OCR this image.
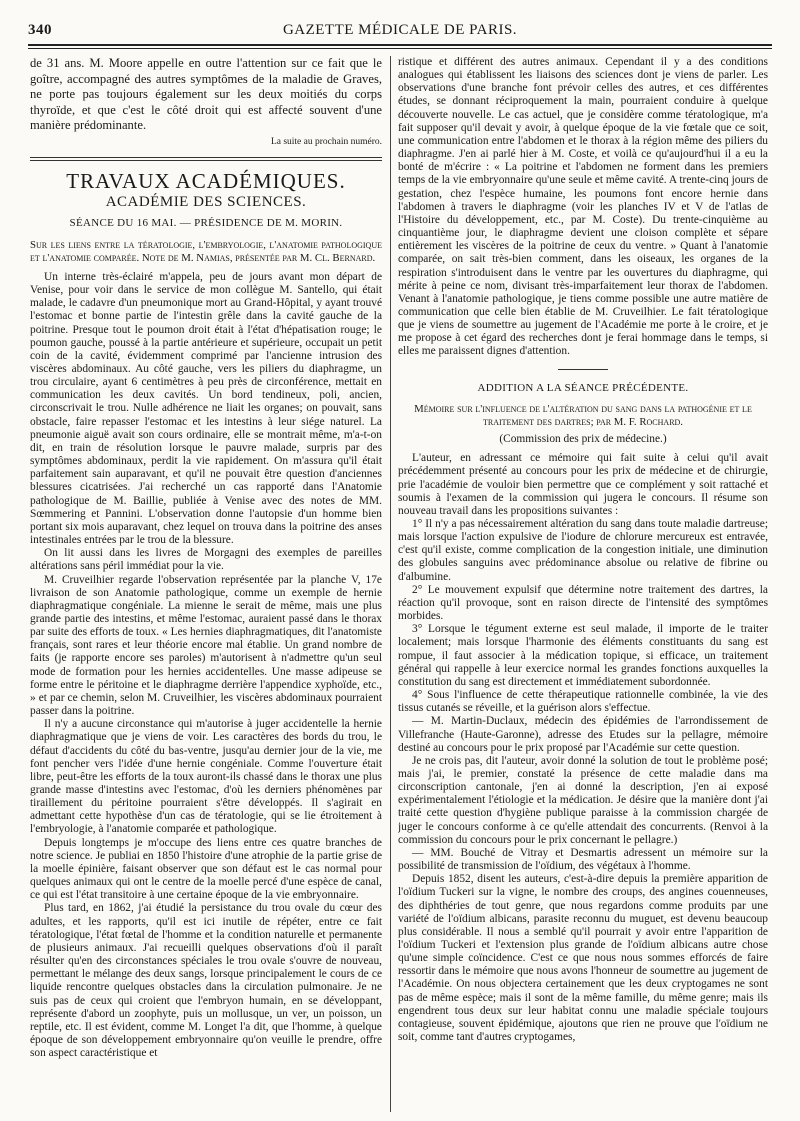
340	GAZETTE MÉDICALE DE PARIS.

de 31 ans. M. Moore appelle en outre l'attention sur ce fait que le goître, accompagné des autres symptômes de la maladie de Graves, ne porte pas toujours également sur les deux moitiés du corps thyroïde, et que c'est le côté droit qui est affecté souvent d'une manière prédominante.

La suite au prochain numéro.

TRAVAUX ACADÉMIQUES.
ACADÉMIE DES SCIENCES.
SÉANCE DU 16 MAI. — PRÉSIDENCE DE M. MORIN.

Sur les liens entre la tératologie, l'embryologie, l'anatomie pathologique et l'anatomie comparée. Note de M. Namias, présentée par M. Cl. Bernard.

Un interne très-éclairé m'appela, peu de jours avant mon départ de Venise, pour voir dans le service de mon collègue M. Santello, qui était malade, le cadavre d'un pneumonique mort au Grand-Hôpital, y ayant trouvé l'estomac et bonne partie de l'intestin grêle dans la cavité gauche de la poitrine. Presque tout le poumon droit était à l'état d'hépatisation rouge; le poumon gauche, poussé à la partie antérieure et supérieure, occupait un petit coin de la cavité, évidemment comprimé par l'ancienne intrusion des viscères abdominaux. Au côté gauche, vers les piliers du diaphragme, un trou circulaire, ayant 6 centimètres à peu près de circonférence, mettait en communication les deux cavités. Un bord tendineux, poli, ancien, circonscrivait le trou. Nulle adhérence ne liait les organes; on pouvait, sans obstacle, faire repasser l'estomac et les intestins à leur siége naturel. La pneumonie aiguë avait son cours ordinaire, elle se montrait même, m'a-t-on dit, en train de résolution lorsque le pauvre malade, surpris par des symptômes abdominaux, perdit la vie rapidement. On m'assura qu'il était parfaitement sain auparavant, et qu'il ne pouvait être question d'anciennes blessures cicatrisées. J'ai recherché un cas rapporté dans l'Anatomie pathologique de M. Baillie, publiée à Venise avec des notes de MM. Sœmmering et Pannini. L'observation donne l'autopsie d'un homme bien portant six mois auparavant, chez lequel on trouva dans la poitrine des anses intestinales entrées par le trou de la blessure.

On lit aussi dans les livres de Morgagni des exemples de pareilles altérations sans péril immédiat pour la vie.

M. Cruveilhier regarde l'observation représentée par la planche V, 17e livraison de son Anatomie pathologique, comme un exemple de hernie diaphragmatique congéniale. La mienne le serait de même, mais une plus grande partie des intestins, et même l'estomac, auraient passé dans le thorax par suite des efforts de toux. « Les hernies diaphragmatiques, dit l'anatomiste français, sont rares et leur théorie encore mal établie. Un grand nombre de faits (je rapporte encore ses paroles) m'autorisent à n'admettre qu'un seul mode de formation pour les hernies accidentelles. Une masse adipeuse se forme entre le péritoine et le diaphragme derrière l'appendice xyphoïde, etc., » et par ce chemin, selon M. Cruveilhier, les viscères abdominaux pourraient passer dans la poitrine.

Il n'y a aucune circonstance qui m'autorise à juger accidentelle la hernie diaphragmatique que je viens de voir. Les caractères des bords du trou, le défaut d'accidents du côté du bas-ventre, jusqu'au dernier jour de la vie, me font pencher vers l'idée d'une hernie congéniale. Comme l'ouverture était libre, peut-être les efforts de la toux auront-ils chassé dans le thorax une plus grande masse d'intestins avec l'estomac, d'où les derniers phénomènes par tiraillement du péritoine pourraient s'être développés. Il s'agirait en admettant cette hypothèse d'un cas de tératologie, qui se lie étroitement à l'embryologie, à l'anatomie comparée et pathologique.

Depuis longtemps je m'occupe des liens entre ces quatre branches de notre science. Je publiai en 1850 l'histoire d'une atrophie de la partie grise de la moelle épinière, faisant observer que son défaut est le cas normal pour quelques animaux qui ont le centre de la moelle percé d'une espèce de canal, ce qui est l'état transitoire à une certaine époque de la vie embryonnaire.

Plus tard, en 1862, j'ai étudié la persistance du trou ovale du cœur des adultes, et les rapports, qu'il est ici inutile de répéter, entre ce fait tératologique, l'état fœtal de l'homme et la condition naturelle et permanente de plusieurs animaux. J'ai recueilli quelques observations d'où il paraît résulter qu'en des circonstances spéciales le trou ovale s'ouvre de nouveau, permettant le mélange des deux sangs, lorsque principalement le cours de ce liquide rencontre quelques obstacles dans la circulation pulmonaire. Je ne suis pas de ceux qui croient que l'embryon humain, en se développant, représente d'abord un zoophyte, puis un mollusque, un ver, un poisson, un reptile, etc. Il est évident, comme M. Longet l'a dit, que l'homme, à quelque époque de son développement embryonnaire qu'on veuille le prendre, offre son aspect caractéristique et

ristique et différent des autres animaux. Cependant il y a des conditions analogues qui établissent les liaisons des sciences dont je viens de parler. Les observations d'une branche font prévoir celles des autres, et ces différentes études, se donnant réciproquement la main, pourraient conduire à quelque découverte nouvelle. Le cas actuel, que je considère comme tératologique, m'a fait supposer qu'il devait y avoir, à quelque époque de la vie fœtale que ce soit, une communication entre l'abdomen et le thorax à la région même des piliers du diaphragme. J'en ai parlé hier à M. Coste, et voilà ce qu'aujourd'hui il a eu la bonté de m'écrire : « La poitrine et l'abdomen ne forment dans les premiers temps de la vie embryonnaire qu'une seule et même cavité. A trente-cinq jours de gestation, chez l'espèce humaine, les poumons font encore hernie dans l'abdomen à travers le diaphragme (voir les planches IV et V de l'atlas de l'Histoire du développement, etc., par M. Coste). Du trente-cinquième au cinquantième jour, le diaphragme devient une cloison complète et sépare entièrement les viscères de la poitrine de ceux du ventre. » Quant à l'anatomie comparée, on sait très-bien comment, dans les oiseaux, les organes de la respiration s'introduisent dans le ventre par les ouvertures du diaphragme, qui mérite à peine ce nom, divisant très-imparfaitement leur thorax de l'abdomen. Venant à l'anatomie pathologique, je tiens comme possible une autre matière de communication que celle bien établie de M. Cruveilhier. Le fait tératologique que je viens de soumettre au jugement de l'Académie me porte à le croire, et je me propose à cet égard des recherches dont je ferai hommage dans le temps, si elles me paraissent dignes d'attention.

ADDITION A LA SÉANCE PRÉCÉDENTE.

Mémoire sur l'influence de l'altération du sang dans la pathogénie et le traitement des dartres; par M. F. Rochard.

(Commission des prix de médecine.)

L'auteur, en adressant ce mémoire qui fait suite à celui qu'il avait précédemment présenté au concours pour les prix de médecine et de chirurgie, prie l'académie de vouloir bien permettre que ce complément y soit rattaché et soumis à l'examen de la commission qui jugera le concours. Il résume son nouveau travail dans les propositions suivantes :

1° Il n'y a pas nécessairement altération du sang dans toute maladie dartreuse; mais lorsque l'action expulsive de l'iodure de chlorure mercureux est entravée, c'est qu'il existe, comme complication de la congestion initiale, une diminution des globules sanguins avec prédominance absolue ou relative de fibrine ou d'albumine.

2° Le mouvement expulsif que détermine notre traitement des dartres, la réaction qu'il provoque, sont en raison directe de l'intensité des symptômes morbides.

3° Lorsque le tégument externe est seul malade, il importe de le traiter localement; mais lorsque l'harmonie des éléments constituants du sang est rompue, il faut associer à la médication topique, si efficace, un traitement général qui rappelle à leur exercice normal les grandes fonctions auxquelles la constitution du sang est directement et immédiatement subordonnée.

4° Sous l'influence de cette thérapeutique rationnelle combinée, la vie des tissus cutanés se réveille, et la guérison alors s'effectue.

— M. Martin-Duclaux, médecin des épidémies de l'arrondissement de Villefranche (Haute-Garonne), adresse des Etudes sur la pellagre, mémoire destiné au concours pour le prix proposé par l'Académie sur cette question.

Je ne crois pas, dit l'auteur, avoir donné la solution de tout le problème posé; mais j'ai, le premier, constaté la présence de cette maladie dans ma circonscription cantonale, j'en ai donné la description, j'en ai exposé expérimentalement l'étiologie et la médication. Je désire que la manière dont j'ai traité cette question d'hygiène publique paraisse à la commission chargée de juger le concours conforme à ce qu'elle attendait des concurrents. (Renvoi à la commission du concours pour le prix concernant le pellagre.)

— MM. Bouché de Vitray et Desmartis adressent un mémoire sur la possibilité de transmission de l'oïdium, des végétaux à l'homme.

Depuis 1852, disent les auteurs, c'est-à-dire depuis la première apparition de l'oïdium Tuckeri sur la vigne, le nombre des croups, des angines couenneuses, des diphthéries de tout genre, que nous regardons comme produits par une variété de l'oïdium albicans, parasite reconnu du muguet, est devenu beaucoup plus considérable. Il nous a semblé qu'il pourrait y avoir entre l'apparition de l'oïdium Tuckeri et l'extension plus grande de l'oïdium albicans autre chose qu'une simple coïncidence. C'est ce que nous nous sommes efforcés de faire ressortir dans le mémoire que nous avons l'honneur de soumettre au jugement de l'Académie. On nous objectera certainement que les deux cryptogames ne sont pas de même espèce; mais il sont de la même famille, du même genre; mais ils engendrent tous deux sur leur habitat connu une maladie spéciale toujours contagieuse, souvent épidémique, ajoutons que rien ne prouve que l'oïdium ne soit, comme tant d'autres cryptogames,
